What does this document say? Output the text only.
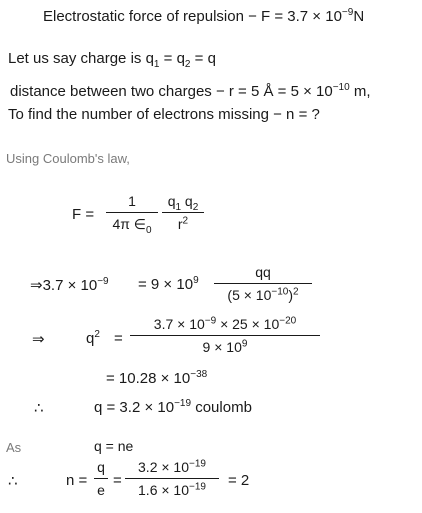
Electrostatic force of repulsion − $F = 3.7 \times 10^{-9}N$
Let us say charge is $q_1 = q_2 = q$
distance between two charges − r = 5 Å = $5 \times 10^{-10}$ m,
To find the number of electrons missing − n = ?
Using Coulomb's law,
$F = \frac{1}{4\pi \in_0} \frac{q_1 q_2}{r^2}$
⇒3.7 × $10^{-9} = 9 \times 10^9 \frac{qq}{(5 \times 10^{-10})^2}$
⇒	$q^2 = \frac{3.7 \times 10^{-9} \times 25 \times 10^{-20}}{9 \times 10^9}$
= $10.28 \times 10^{-38}$
∴	$q = 3.2 \times 10^{-19}$ coulomb
As	q = ne
∴	$n = \frac{q}{e} = \frac{3.2 \times 10^{-19}}{1.6 \times 10^{-19}} = 2$
